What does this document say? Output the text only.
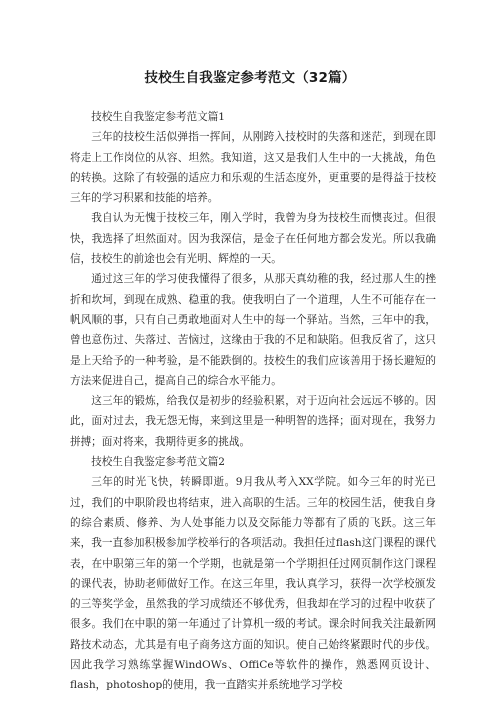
技校生自我鉴定参考范文（32篇）

技校生自我鉴定参考范文篇1

三年的技校生活似弹指一挥间，从刚跨入技校时的失落和迷茫，到现在即将走上工作岗位的从容、坦然。我知道，这又是我们人生中的一大挑战，角色的转换。这除了有较强的适应力和乐观的生活态度外，更重要的是得益于技校三年的学习积累和技能的培养。

我自认为无愧于技校三年，刚入学时，我曾为身为技校生而懊丧过。但很快，我选择了坦然面对。因为我深信，是金子在任何地方都会发光。所以我确信，技校生的前途也会有光明、辉煌的一天。

通过这三年的学习使我懂得了很多，从那天真幼稚的我，经过那人生的挫折和坎坷，到现在成熟、稳重的我。使我明白了一个道理，人生不可能存在一帆风顺的事，只有自己勇敢地面对人生中的每一个驿站。当然，三年中的我，曾也意伤过、失落过、苦恼过，这缘由于我的不足和缺陷。但我反省了，这只是上天给予的一种考验，是不能跌倒的。技校生的我们应该善用于扬长避短的方法来促进自己，提高自己的综合水平能力。

这三年的锻炼，给我仅是初步的经验积累，对于迈向社会远远不够的。因此，面对过去，我无怨无悔，来到这里是一种明智的选择；面对现在，我努力拼搏；面对将来，我期待更多的挑战。

技校生自我鉴定参考范文篇2

三年的时光飞快，转瞬即逝。9月我从考入XX学院。如今三年的时光已过，我们的中职阶段也将结束，进入高职的生活。三年的校园生活，使我自身的综合素质、修养、为人处事能力以及交际能力等都有了质的飞跃。这三年来，我一直参加积极参加学校举行的各项活动。我担任过flash这门课程的课代表，在中职第三年的第一个学期，也就是第一个学期担任过网页制作这门课程的课代表，协助老师做好工作。在这三年里，我认真学习，获得一次学校颁发的三等奖学金，虽然我的学习成绩还不够优秀，但我却在学习的过程中收获了很多。我们在中职的第一年通过了计算机一级的考试。课余时间我关注最新网路技术动态，尤其是有电子商务这方面的知识。使自己始终紧跟时代的步伐。因此我学习熟练掌握WindOWs、OffiCe等软件的操作，熟悉网页设计、flash，photoshop的使用，我一直踏实并系统地学习学校
